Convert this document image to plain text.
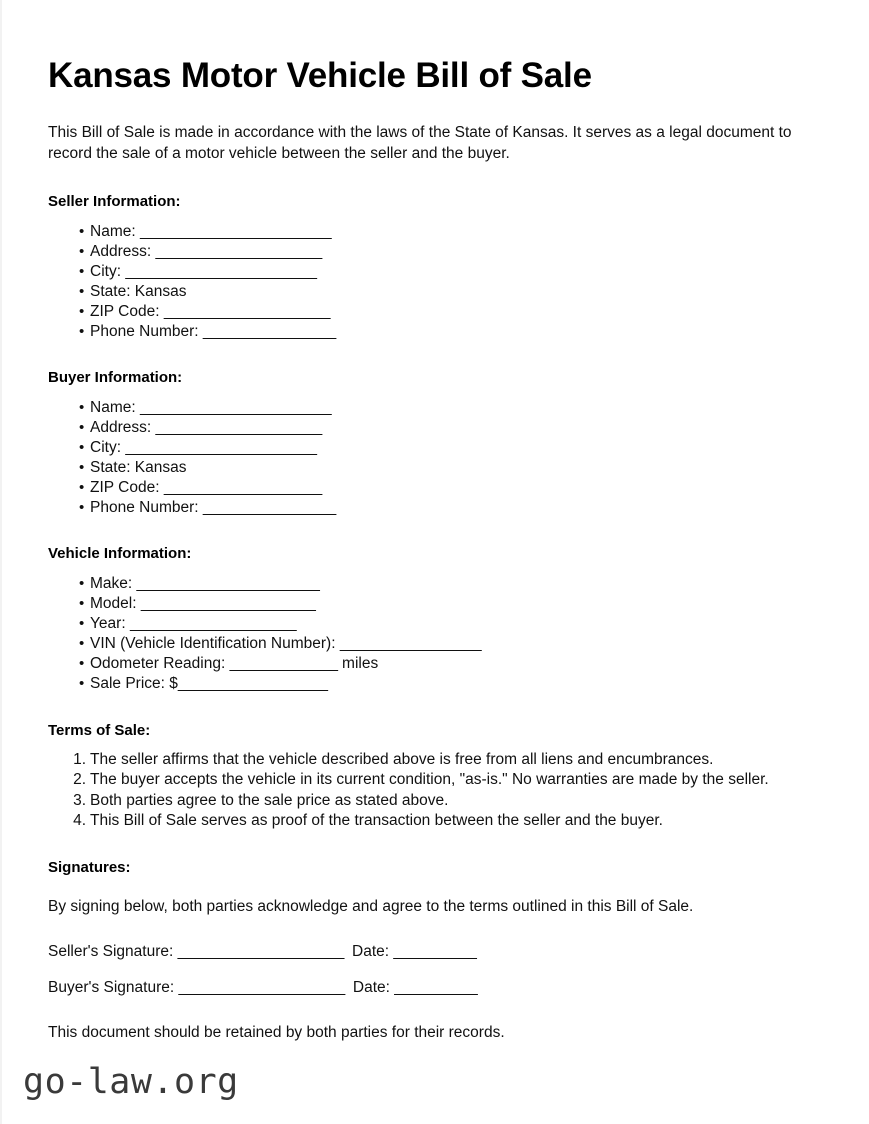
Kansas Motor Vehicle Bill of Sale

This Bill of Sale is made in accordance with the laws of the State of Kansas. It serves as a legal document to record the sale of a motor vehicle between the seller and the buyer.

Seller Information:
• Name: _______________________
• Address: ____________________
• City: _______________________
• State: Kansas
• ZIP Code: ____________________
• Phone Number: ________________
Buyer Information:
• Name: _______________________
• Address: ____________________
• City: _______________________
• State: Kansas
• ZIP Code: ___________________
• Phone Number: ________________
Vehicle Information:
• Make: ______________________
• Model: _____________________
• Year: ____________________
• VIN (Vehicle Identification Number): _________________
• Odometer Reading: _____________ miles
• Sale Price: $__________________
Terms of Sale:
The seller affirms that the vehicle described above is free from all liens and encumbrances.
The buyer accepts the vehicle in its current condition, "as-is." No warranties are made by the seller.
Both parties agree to the sale price as stated above.
This Bill of Sale serves as proof of the transaction between the seller and the buyer.
Signatures:

By signing below, both parties acknowledge and agree to the terms outlined in this Bill of Sale.

Seller's Signature: ____________________ Date: __________
Buyer's Signature: ____________________ Date: __________
This document should be retained by both parties for their records.
go-law.org
